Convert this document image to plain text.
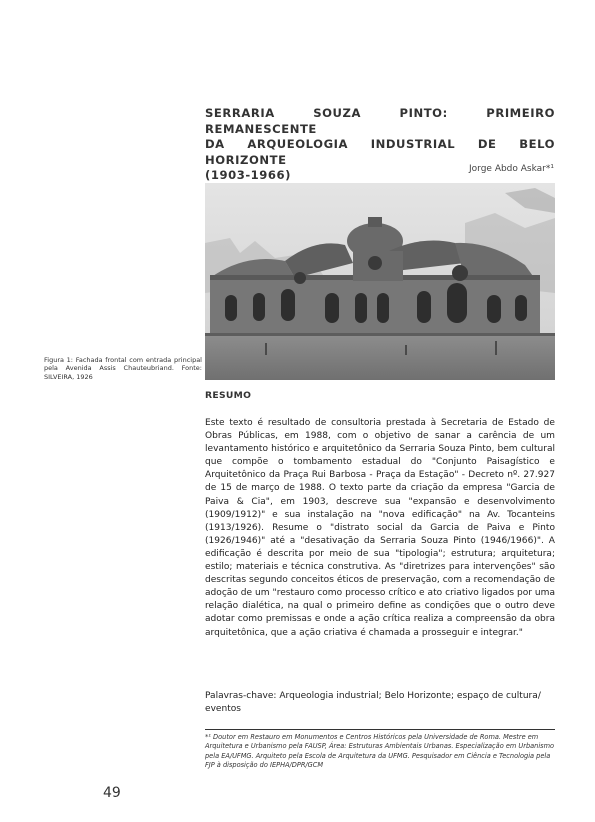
SERRARIA SOUZA PINTO: PRIMEIRO REMANESCENTE
DA ARQUEOLOGIA INDUSTRIAL DE BELO HORIZONTE
(1903-1966)	Jorge Abdo Askar*¹
Figura 1: Fachada frontal com entrada principal pela Avenida Assis Chauteubriand. Fonte: SILVEIRA, 1926
RESUMO
Este texto é resultado de consultoria prestada à Secretaria de Estado de Obras Públicas, em 1988, com o objetivo de sanar a carência de um levantamento histórico e arquitetônico da Serraria Souza Pinto, bem cultural que compõe o tombamento estadual do "Conjunto Paisagístico e Arquitetônico da Praça Rui Barbosa - Praça da Estação" - Decreto nº. 27.927 de 15 de março de 1988. O texto parte da criação da empresa "Garcia de Paiva & Cia", em 1903, descreve sua "expansão e desenvolvimento (1909/1912)" e sua instalação na "nova edificação" na Av. Tocanteins (1913/1926). Resume o "distrato social da Garcia de Paiva e Pinto (1926/1946)" até a "desativação da Serraria Souza Pinto (1946/1966)". A edificação é descrita por meio de sua "tipologia"; estrutura; arquitetura; estilo; materiais e técnica construtiva. As "diretrizes para intervenções" são descritas segundo conceitos éticos de preservação, com a recomendação de adoção de um "restauro como processo crítico e ato criativo ligados por uma relação dialética, na qual o primeiro define as condições que o outro deve adotar como premissas e onde a ação crítica realiza a compreensão da obra arquitetônica, que a ação criativa é chamada a prosseguir e integrar."
Palavras-chave: Arqueologia industrial; Belo Horizonte; espaço de cultura/ eventos
*¹ Doutor em Restauro em Monumentos e Centros Históricos pela Universidade de Roma. Mestre em Arquitetura e Urbanismo pela FAUSP, Área: Estruturas Ambientais Urbanas. Especialização em Urbanismo pela EA/UFMG. Arquiteto pela Escola de Arquitetura da UFMG. Pesquisador em Ciência e Tecnologia pela FJP à disposição do IEPHA/DPR/GCM
49
